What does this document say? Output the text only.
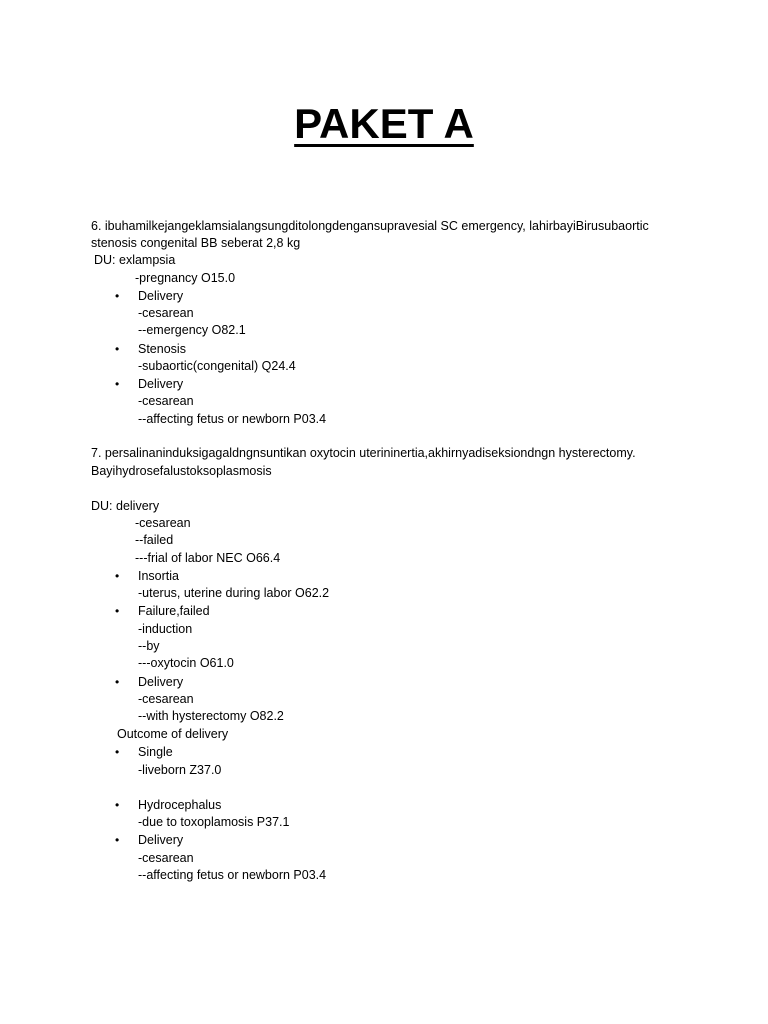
PAKET A
6. ibuhamilkejangeklamsialangsungditolongdengansupravesial SC emergency, lahirbayiBirusubaortic
stenosis congenital BB seberat 2,8 kg
DU: exlampsia
-pregnancy O15.0
• Delivery
-cesarean
--emergency O82.1
• Stenosis
-subaortic(congenital) Q24.4
• Delivery
-cesarean
--affecting fetus or newborn P03.4
7. persalinaninduksigagaldngnsuntikan oxytocin uterininertia,akhirnyadiseksiondngn hysterectomy.
Bayihydrosefalustoksoplasmosis
DU: delivery
-cesarean
--failed
---frial of labor NEC O66.4
• Insortia
-uterus, uterine during labor O62.2
• Failure,failed
-induction
--by
---oxytocin O61.0
• Delivery
-cesarean
--with hysterectomy O82.2
Outcome of delivery
• Single
-liveborn Z37.0
• Hydrocephalus
-due to toxoplamosis P37.1
• Delivery
-cesarean
--affecting fetus or newborn P03.4
